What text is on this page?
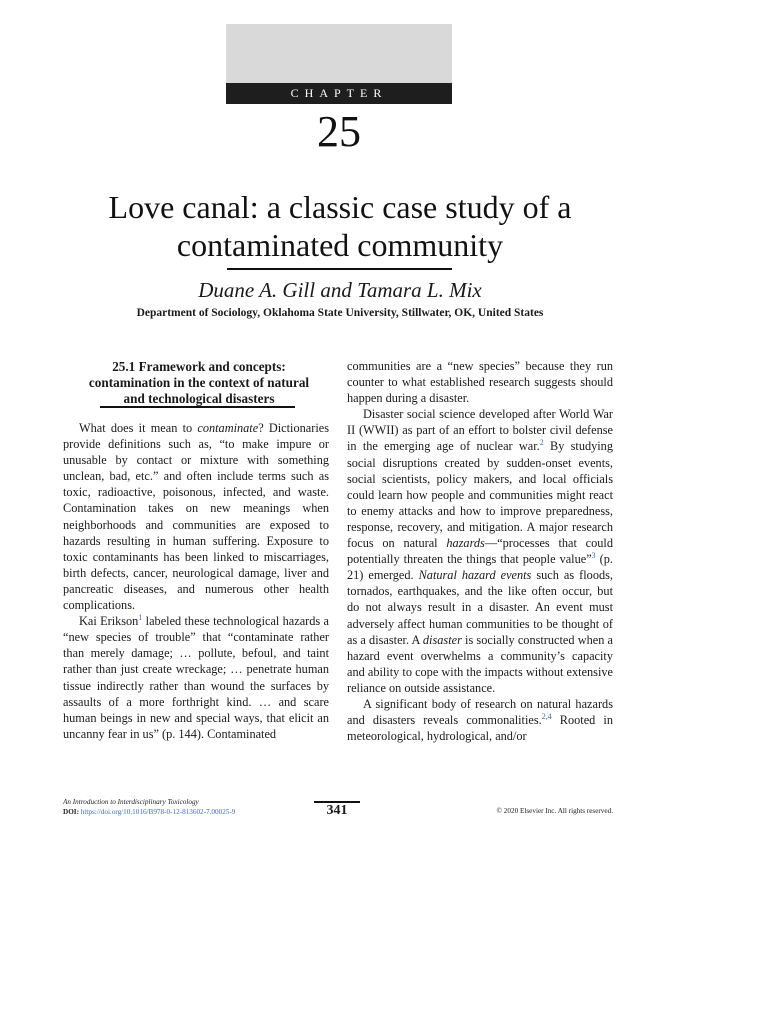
CHAPTER
25
Love canal: a classic case study of a
contaminated community
Duane A. Gill and Tamara L. Mix
Department of Sociology, Oklahoma State University, Stillwater, OK, United States
25.1 Framework and concepts:
contamination in the context of natural
and technological disasters

What does it mean to contaminate? Dictionaries provide definitions such as, “to make impure or unusable by contact or mixture with something unclean, bad, etc.” and often include terms such as toxic, radioactive, poisonous, infected, and waste. Contamination takes on new meanings when neighborhoods and communities are exposed to hazards resulting in human suffering. Exposure to toxic contaminants has been linked to miscarriages, birth defects, cancer, neurological damage, liver and pancreatic diseases, and numerous other health complications.

Kai Erikson$^1$ labeled these technological hazards a “new species of trouble” that “contaminate rather than merely damage; … pollute, befoul, and taint rather than just create wreckage; … penetrate human tissue indirectly rather than wound the surfaces by assaults of a more forthright kind. … and scare human beings in new and special ways, that elicit an uncanny fear in us” (p. 144). Contaminated

communities are a “new species” because they run counter to what established research suggests should happen during a disaster.

Disaster social science developed after World War II (WWII) as part of an effort to bolster civil defense in the emerging age of nuclear war.$^2$ By studying social disruptions created by sudden-onset events, social scientists, policy makers, and local officials could learn how people and communities might react to enemy attacks and how to improve preparedness, response, recovery, and mitigation. A major research focus on natural hazards—“processes that could potentially threaten the things that people value”$^3$ (p. 21) emerged. Natural hazard events such as floods, tornados, earthquakes, and the like often occur, but do not always result in a disaster. An event must adversely affect human communities to be thought of as a disaster. A disaster is socially constructed when a hazard event overwhelms a community’s capacity and ability to cope with the impacts without extensive reliance on outside assistance.

A significant body of research on natural hazards and disasters reveals commonalities.$^{2,4}$ Rooted in meteorological, hydrological, and/or

An Introduction to Interdisciplinary Toxicology
DOI: https://doi.org/10.1016/B978-0-12-813602-7.00025-9	341	© 2020 Elsevier Inc. All rights reserved.
